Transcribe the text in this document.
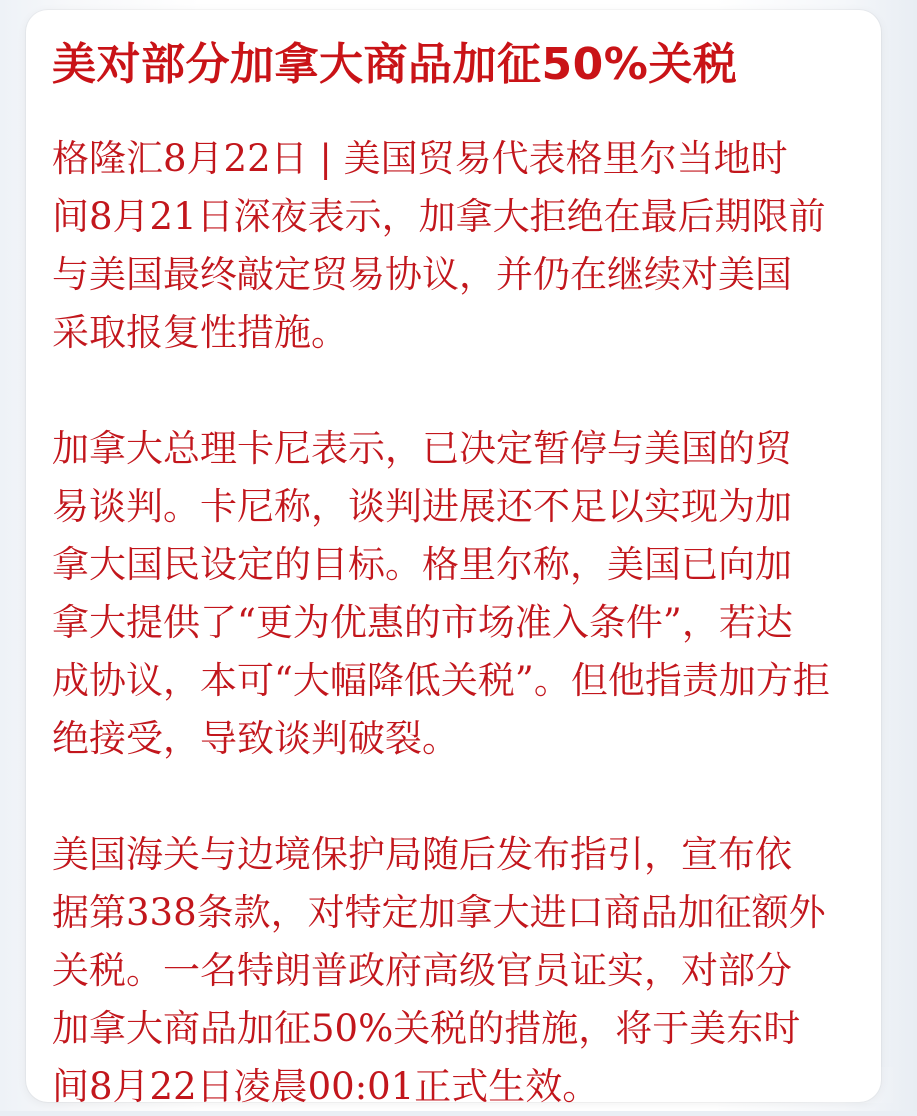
美对部分加拿大商品加征50%关税
格隆汇8月22日 | 美国贸易代表格里尔当地时
间8月21日深夜表示，加拿大拒绝在最后期限前
与美国最终敲定贸易协议，并仍在继续对美国
采取报复性措施。
加拿大总理卡尼表示，已决定暂停与美国的贸
易谈判。卡尼称，谈判进展还不足以实现为加
拿大国民设定的目标。格里尔称，美国已向加
拿大提供了“更为优惠的市场准入条件”，若达
成协议，本可“大幅降低关税”。但他指责加方拒
绝接受，导致谈判破裂。
美国海关与边境保护局随后发布指引，宣布依
据第338条款，对特定加拿大进口商品加征额外
关税。一名特朗普政府高级官员证实，对部分
加拿大商品加征50%关税的措施，将于美东时
间8月22日凌晨00:01正式生效。
